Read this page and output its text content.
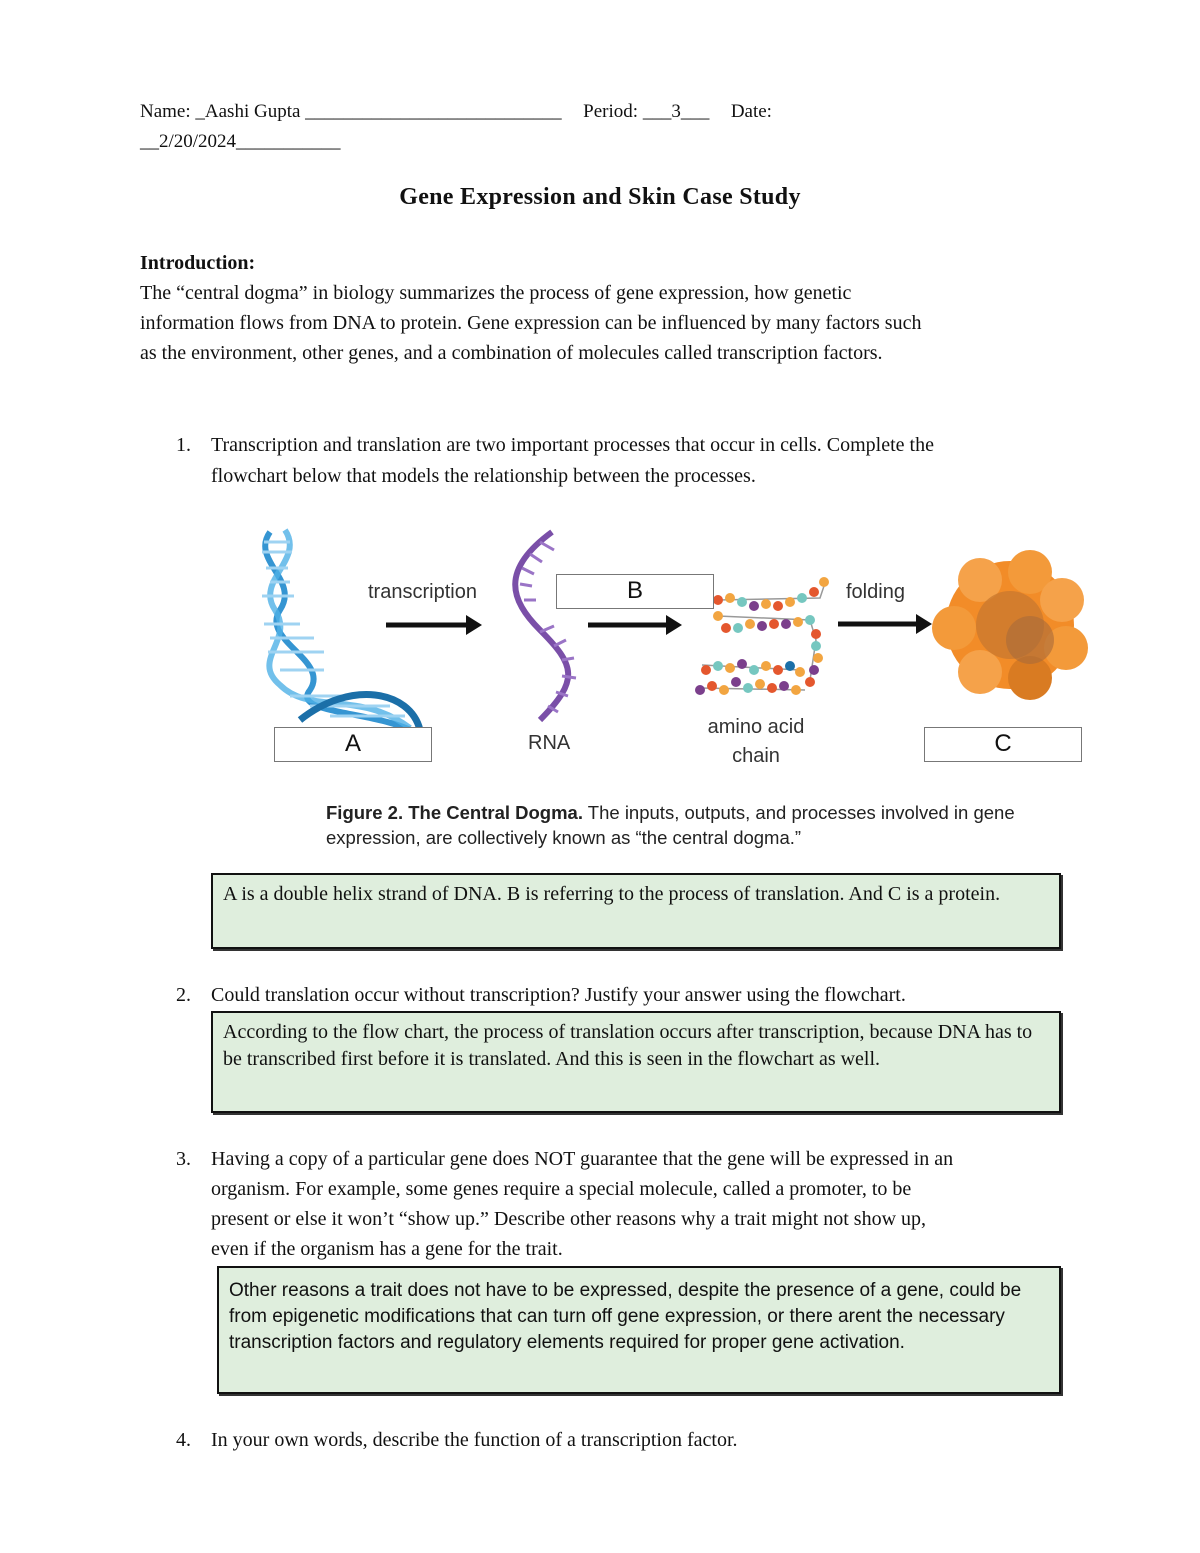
Name: _Aashi Gupta ___________________________ Period: ___3___ Date:
__2/20/2024___________
Gene Expression and Skin Case Study
Introduction:
The “central dogma” in biology summarizes the process of gene expression, how genetic
information flows from DNA to protein. Gene expression can be influenced by many factors such
as the environment, other genes, and a combination of molecules called transcription factors.
1. Transcription and translation are two important processes that occur in cells. Complete the
flowchart below that models the relationship between the processes.
transcription	folding
RNA
amino acid
chain
B
A	C
Figure 2. The Central Dogma. The inputs, outputs, and processes involved in gene
expression, are collectively known as “the central dogma.”
A is a double helix strand of DNA. B is referring to the process of translation. And C is a protein.
2. Could translation occur without transcription? Justify your answer using the flowchart.
According to the flow chart, the process of translation occurs after transcription, because DNA has to be transcribed first before it is translated. And this is seen in the flowchart as well.
3. Having a copy of a particular gene does NOT guarantee that the gene will be expressed in an
organism. For example, some genes require a special molecule, called a promoter, to be
present or else it won’t “show up.” Describe other reasons why a trait might not show up,
even if the organism has a gene for the trait.
Other reasons a trait does not have to be expressed, despite the presence of a gene, could be from epigenetic modifications that can turn off gene expression, or there arent the necessary transcription factors and regulatory elements required for proper gene activation.
4. In your own words, describe the function of a transcription factor.
